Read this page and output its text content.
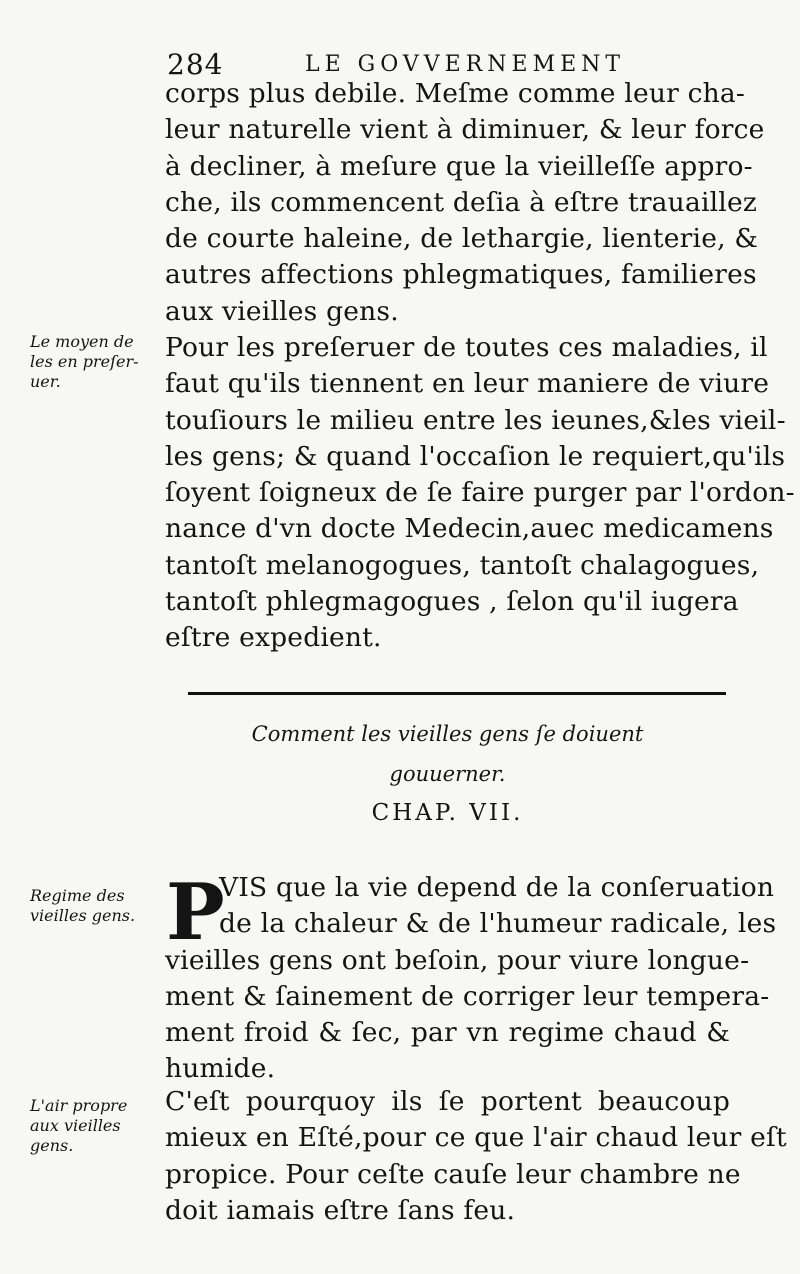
284	LE GOVVERNEMENT
corps plus debile. Meſme comme leur cha-
leur naturelle vient à diminuer, & leur force
à decliner, à meſure que la vieilleſſe appro-
che, ils commencent deſia à eſtre trauaillez
de courte haleine, de lethargie, lienterie, &
autres affections phlegmatiques, familieres
aux vieilles gens.
Le moyen de les en preſer-uer.
Pour les preſeruer de toutes ces maladies, il
faut qu'ils tiennent en leur maniere de viure
touſiours le milieu entre les ieunes,&les vieil-
les gens; & quand l'occaſion le requiert,qu'ils
ſoyent ſoigneux de ſe faire purger par l'ordon-
nance d'vn docte Medecin,auec medicamens
tantoſt melanogogues, tantoſt chalagogues,
tantoſt phlegmagogues , ſelon qu'il iugera
eſtre expedient.
Comment les vieilles gens ſe doiuent
gouuerner.
CHAP. VII.
Regime des vieilles gens. P
VIS que la vie depend de la conſeruation
de la chaleur & de l'humeur radicale, les
vieilles gens ont beſoin, pour viure longue-
ment & ſainement de corriger leur tempera-
ment froid & ſec, par vn regime chaud &
humide.
L'air propre aux vieilles gens.
C'eſt pourquoy ils ſe portent beaucoup
mieux en Eſté,pour ce que l'air chaud leur eſt
propice. Pour ceſte cauſe leur chambre ne
doit iamais eſtre ſans feu.
